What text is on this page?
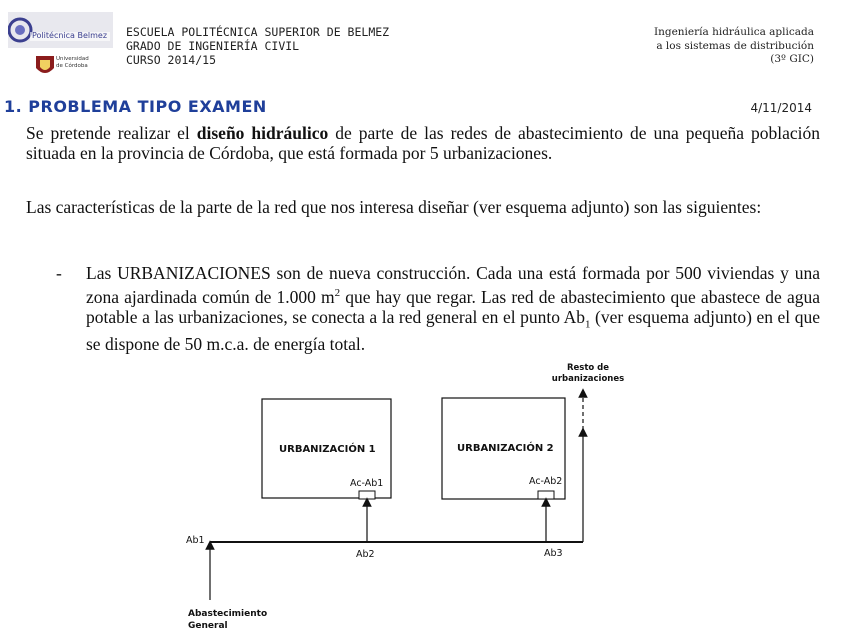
Politécnica Belmez
Universidad de Córdoba
ESCUELA POLITÉCNICA SUPERIOR DE BELMEZ
GRADO DE INGENIERÍA CIVIL
CURSO 2014/15
Ingeniería hidráulica aplicada
a los sistemas de distribución
(3º GIC)
1. PROBLEMA TIPO EXAMEN	4/11/2014
Se pretende realizar el diseño hidráulico de parte de las redes de abastecimiento de una pequeña población situada en la provincia de Córdoba, que está formada por 5 urbanizaciones.
Las características de la parte de la red que nos interesa diseñar (ver esquema adjunto) son las siguientes:
- Las URBANIZACIONES son de nueva construcción. Cada una está formada por 500 viviendas y una zona ajardinada común de 1.000 $m^2$ que hay que regar. Las red de abastecimiento que abastece de agua potable a las urbanizaciones, se conecta a la red general en el punto $Ab_1$ (ver esquema adjunto) en el que se dispone de 50 m.c.a. de energía total.
URBANIZACIÓN 1	URBANIZACIÓN 2
Ac-Ab1	Ac-Ab2
Ab1
Ab2	Ab3
Resto de
urbanizaciones
Abastecimiento
General
